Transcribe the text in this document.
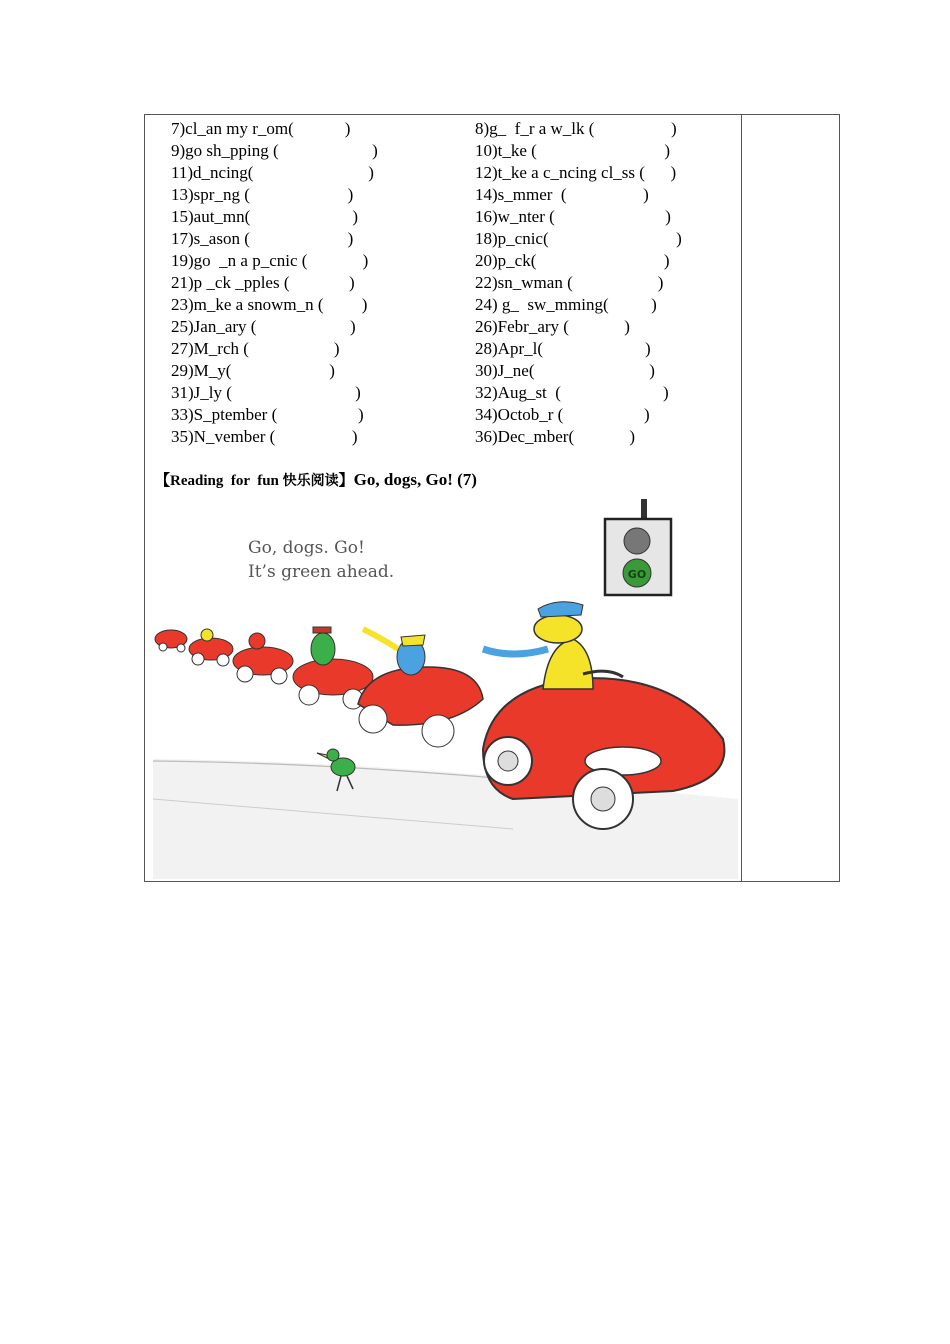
7)cl_an my r_om(            )	8)g_  f_r a w_lk (                  )
9)go sh_pping (                      )	10)t_ke (                              )
11)d_ncing(                           )	12)t_ke a c_ncing cl_ss (      )
13)spr_ng (                       )	14)s_mmer  (                  )
15)aut_mn(                        )	16)w_nter (                          )
17)s_ason (                       )	18)p_cnic(                              )
19)go  _n a p_cnic (             )	20)p_ck(                              )
21)p _ck _pples (              )	22)sn_wman (                    )
23)m_ke a snowm_n (         )	24) g_  sw_mming(          )
25)Jan_ary (                      )	26)Febr_ary (             )
27)M_rch (                    )	28)Apr_l(                        )
29)M_y(                       )	30)J_ne(                           )
31)J_ly (                             )	32)Aug_st  (                        )
33)S_ptember (                   )	34)Octob_r (                   )
35)N_vember (                  )	36)Dec_mber(             )
【Reading  for  fun 快乐阅读】Go, dogs, Go! (7)
Go, dogs. Go!
It’s green ahead.	GO
